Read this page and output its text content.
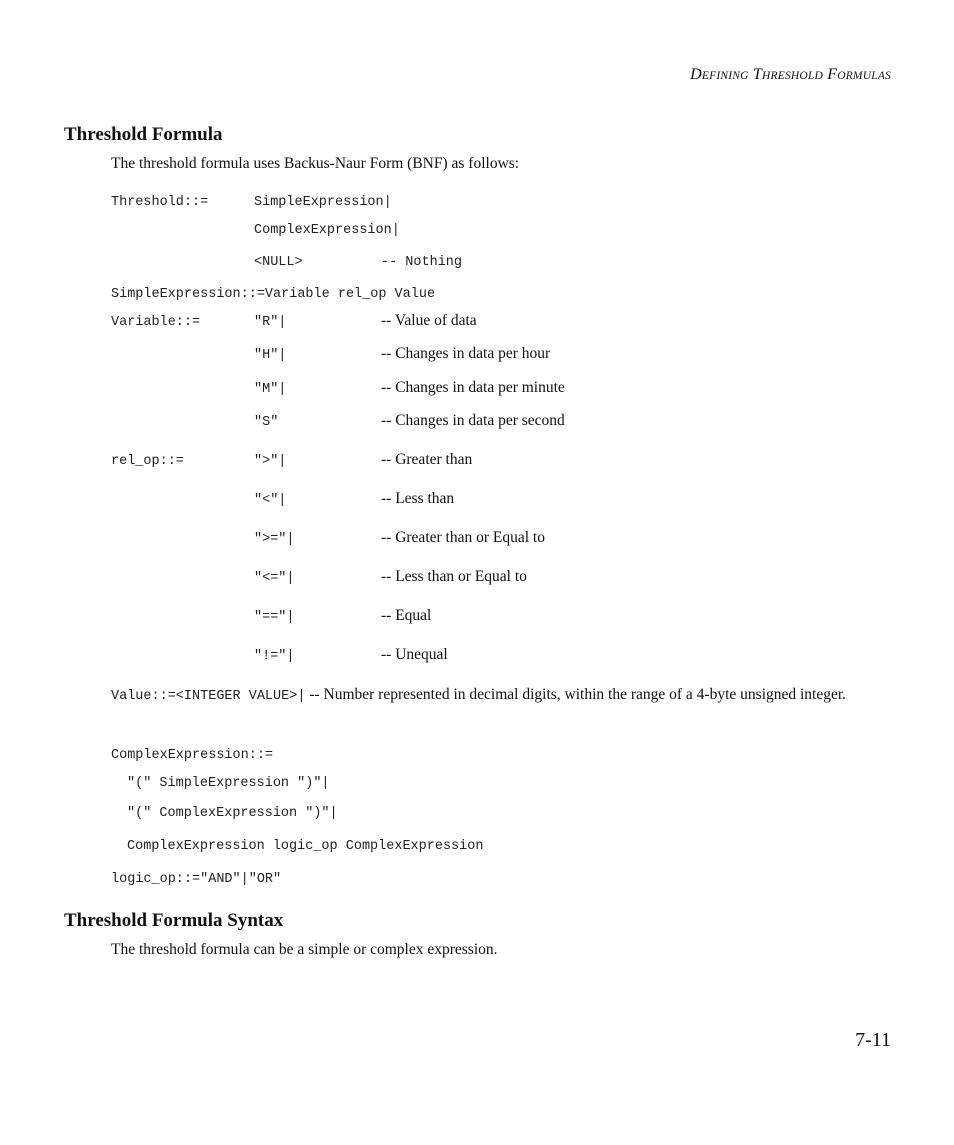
DEFINING THRESHOLD FORMULAS
Threshold Formula
The threshold formula uses Backus-Naur Form (BNF) as follows:
Threshold::=	SimpleExpression|
ComplexExpression|
<NULL>	-- Nothing
SimpleExpression::=Variable rel_op Value
Variable::=	"R"|	-- Value of data
"H"|	-- Changes in data per hour
"M"|	-- Changes in data per minute
"S"	-- Changes in data per second
rel_op::=	">"|	-- Greater than
"<"|	-- Less than
">="|	-- Greater than or Equal to
"<="|	-- Less than or Equal to
"=="|	-- Equal
"!="|	-- Unequal
Value::=<INTEGER VALUE>| -- Number represented in decimal digits, within the range of a 4-byte unsigned integer.
ComplexExpression::=
"(" SimpleExpression ")"|
"(" ComplexExpression ")"|
ComplexExpression logic_op ComplexExpression
logic_op::="AND"|"OR"
Threshold Formula Syntax
The threshold formula can be a simple or complex expression.
7-11
